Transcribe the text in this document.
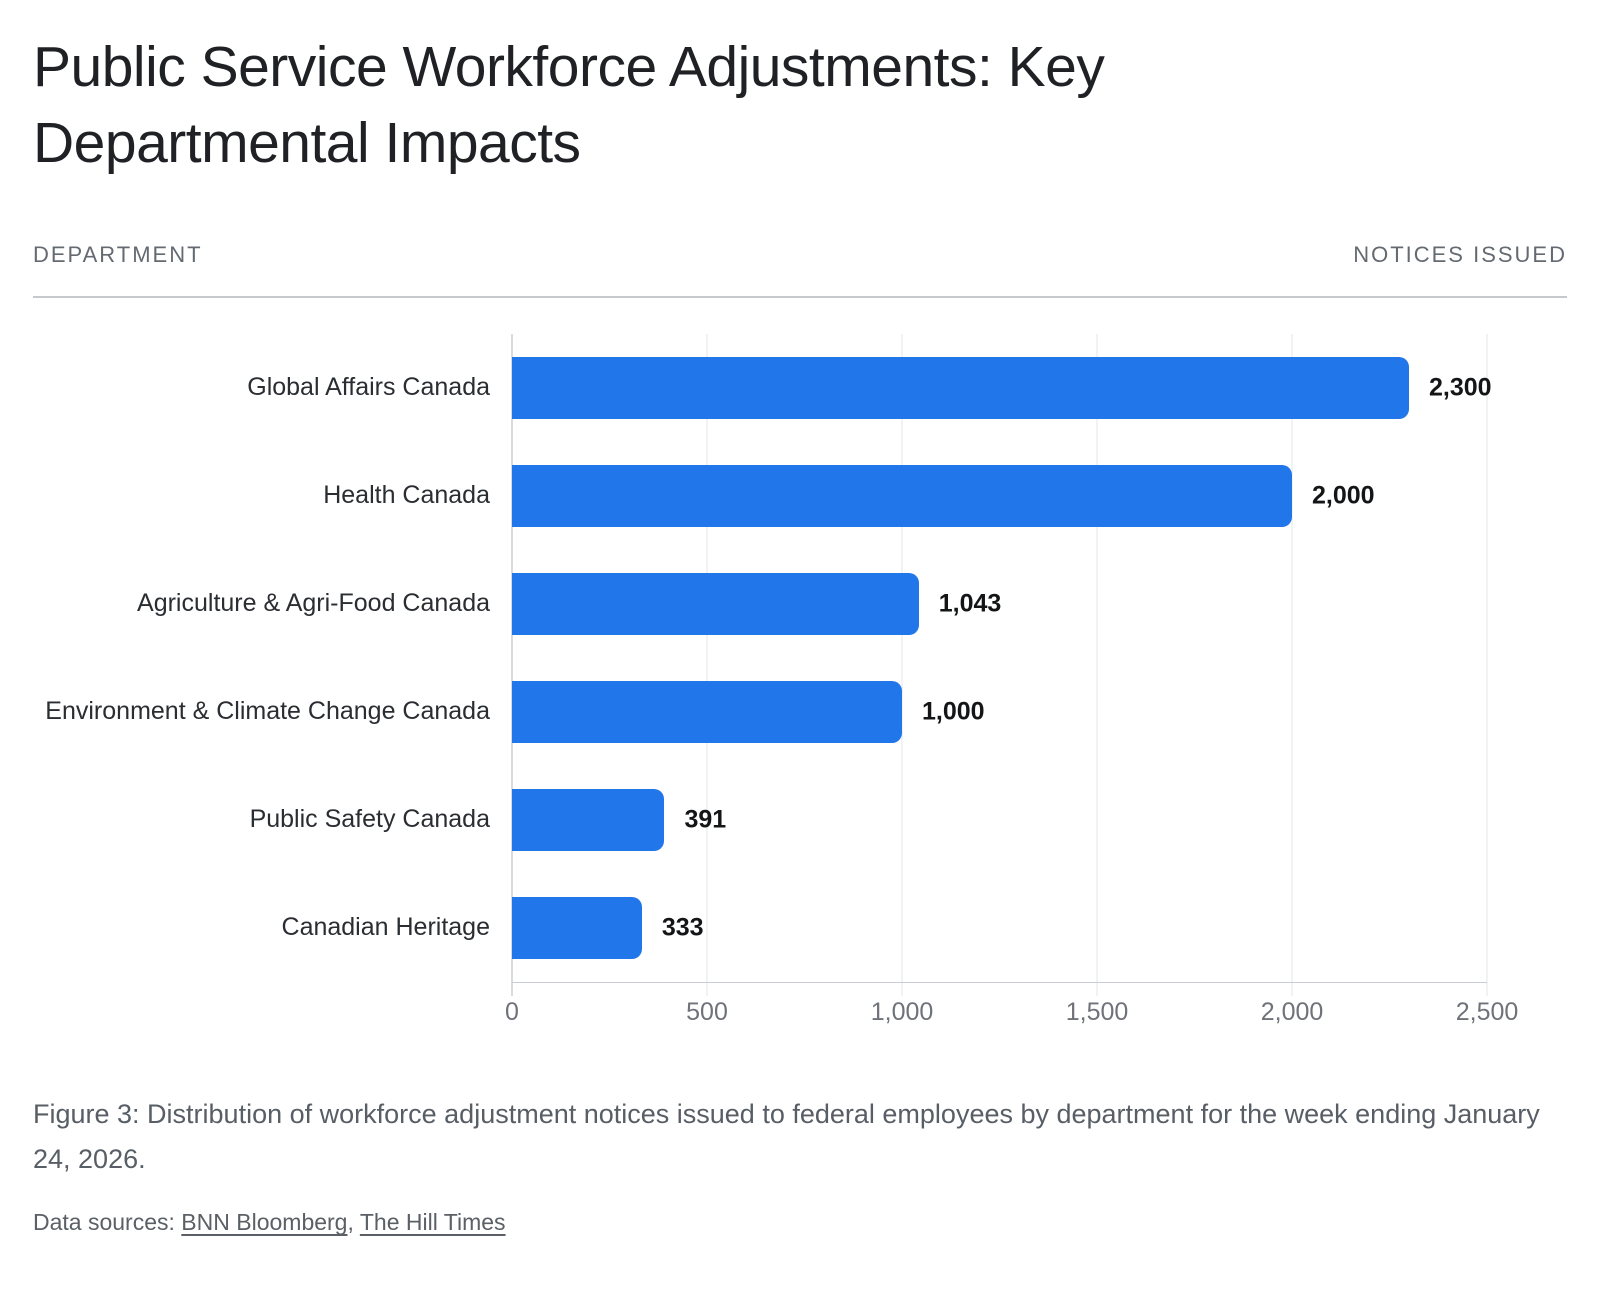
Public Service Workforce Adjustments: Key Departmental Impacts
DEPARTMENT	NOTICES ISSUED
Global Affairs Canada	2,300
Health Canada	2,000
Agriculture & Agri-Food Canada	1,043
Environment & Climate Change Canada	1,000
Public Safety Canada	391
Canadian Heritage	333
0	500	1,000	1,500	2,000	2,500

Figure 3: Distribution of workforce adjustment notices issued to federal employees by department for the week ending January 24, 2026.

Data sources: BNN Bloomberg, The Hill Times
